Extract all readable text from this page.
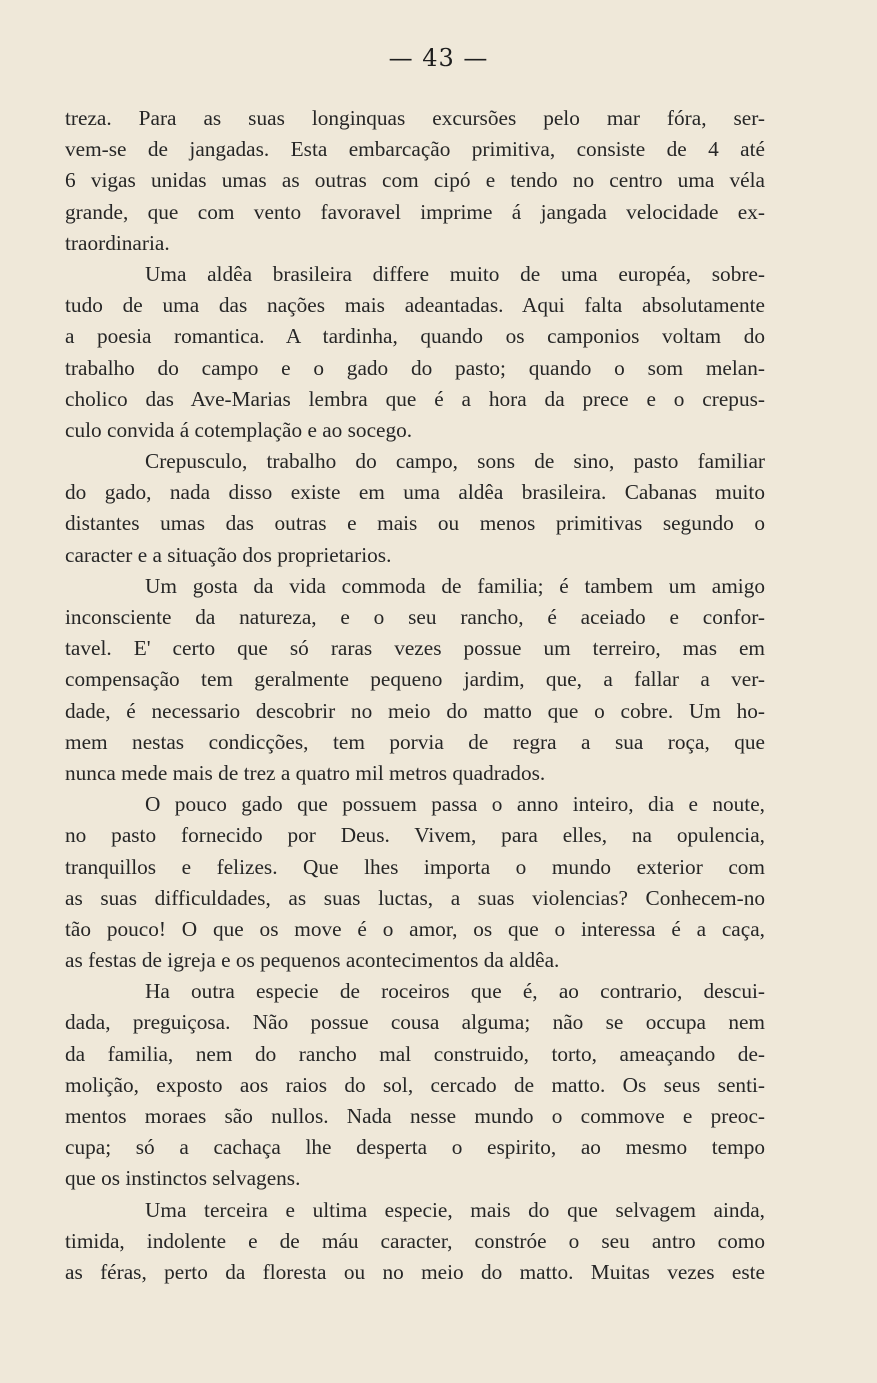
— 43 —
treza. Para as suas longinquas excursões pelo mar fóra, ser-
vem-se de jangadas. Esta embarcação primitiva, consiste de 4 até
6 vigas unidas umas as outras com cipó e tendo no centro uma véla
grande, que com vento favoravel imprime á jangada velocidade ex-
traordinaria.
Uma aldêa brasileira differe muito de uma européa, sobre-
tudo de uma das nações mais adeantadas. Aqui falta absolutamente
a poesia romantica. A tardinha, quando os camponios voltam do
trabalho do campo e o gado do pasto; quando o som melan-
cholico das Ave-Marias lembra que é a hora da prece e o crepus-
culo convida á cotemplação e ao socego.
Crepusculo, trabalho do campo, sons de sino, pasto familiar
do gado, nada disso existe em uma aldêa brasileira. Cabanas muito
distantes umas das outras e mais ou menos primitivas segundo o
caracter e a situação dos proprietarios.
Um gosta da vida commoda de familia; é tambem um amigo
inconsciente da natureza, e o seu rancho, é aceiado e confor-
tavel. E' certo que só raras vezes possue um terreiro, mas em
compensação tem geralmente pequeno jardim, que, a fallar a ver-
dade, é necessario descobrir no meio do matto que o cobre. Um ho-
mem nestas condicções, tem porvia de regra a sua roça, que
nunca mede mais de trez a quatro mil metros quadrados.
O pouco gado que possuem passa o anno inteiro, dia e noute,
no pasto fornecido por Deus. Vivem, para elles, na opulencia,
tranquillos e felizes. Que lhes importa o mundo exterior com
as suas difficuldades, as suas luctas, a suas violencias? Conhecem-no
tão pouco! O que os move é o amor, os que o interessa é a caça,
as festas de igreja e os pequenos acontecimentos da aldêa.
Ha outra especie de roceiros que é, ao contrario, descui-
dada, preguiçosa. Não possue cousa alguma; não se occupa nem
da familia, nem do rancho mal construido, torto, ameaçando de-
molição, exposto aos raios do sol, cercado de matto. Os seus senti-
mentos moraes são nullos. Nada nesse mundo o commove e preoc-
cupa; só a cachaça lhe desperta o espirito, ao mesmo tempo
que os instinctos selvagens.
Uma terceira e ultima especie, mais do que selvagem ainda,
timida, indolente e de máu caracter, constróe o seu antro como
as féras, perto da floresta ou no meio do matto. Muitas vezes este
